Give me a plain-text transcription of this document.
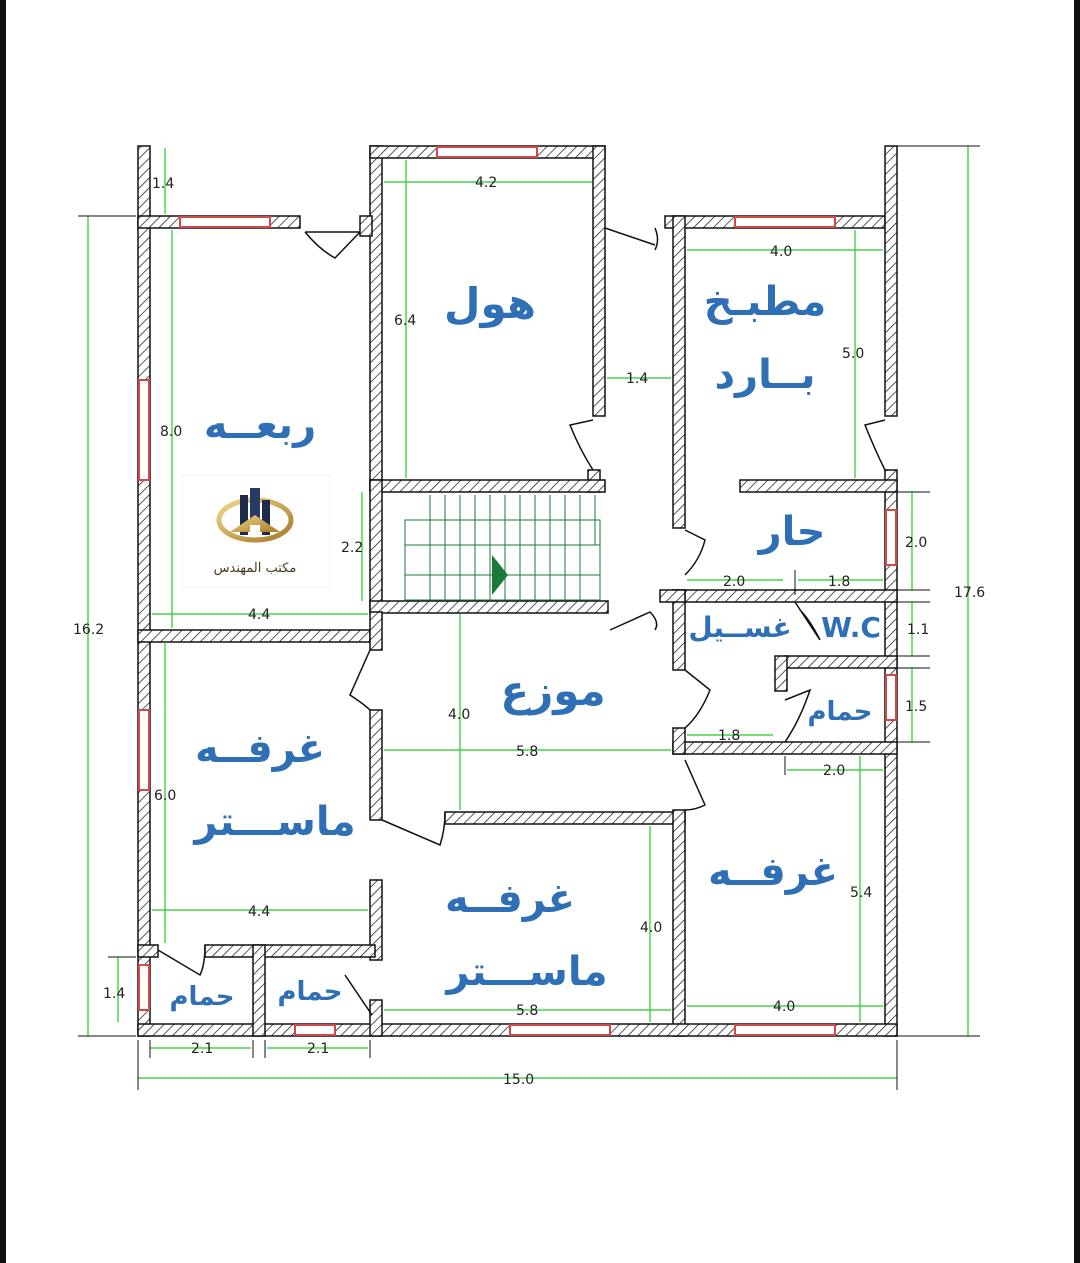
1.4	4.2
6.4
4.0
5.0
1.4
8.0
2.2
4.4
2.0
2.0	1.8
17.6
16.2	1.1
1.5
1.8
2.0
4.0
5.8
6.0
4.4
5.4
4.0
4.0
5.8
1.4
2.1	2.1
15.0
هول	مطبـخ
بــارد
ربعــه
حار
غســيل W.C
موزع
غرفــه
ماســـتر
حمام
غرفــه
ماســـتر
غرفــه
حمام حمام
مكتب المهندس
